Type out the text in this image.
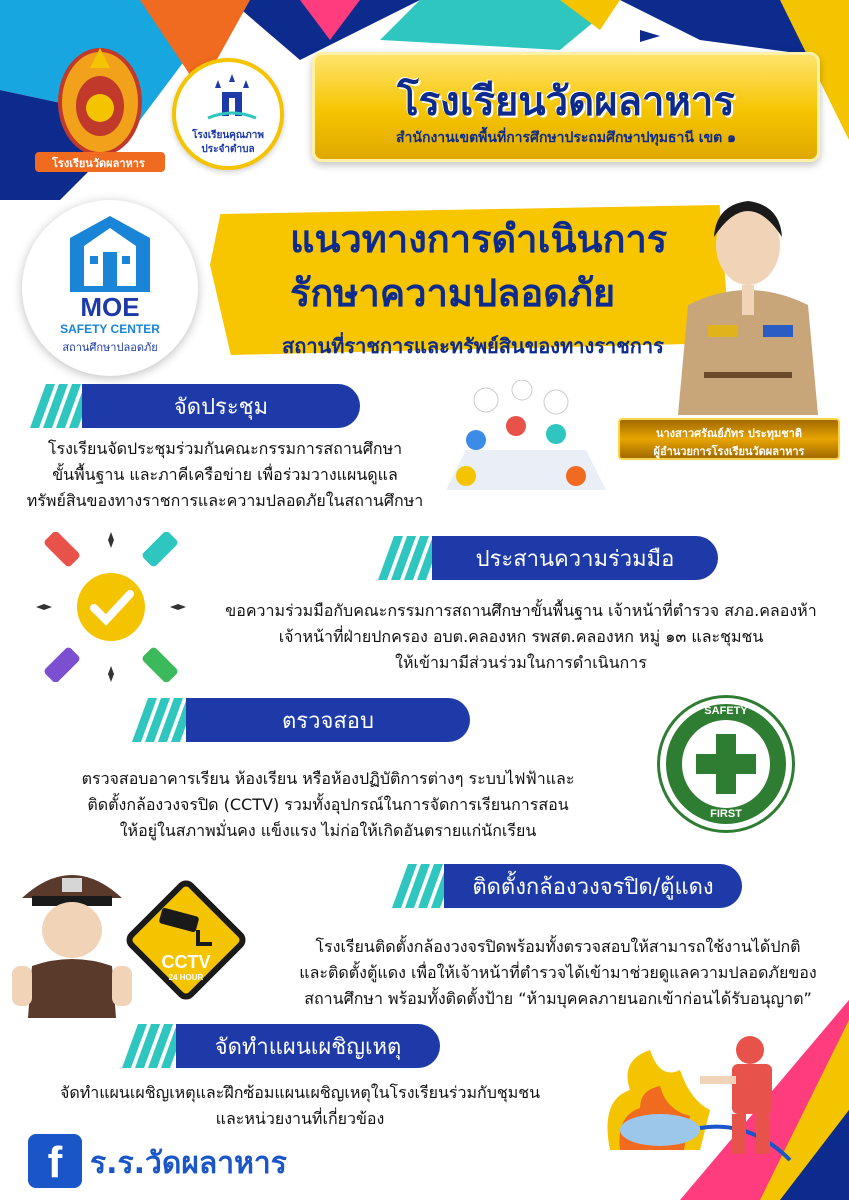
โรงเรียนวัดผลาหาร
โรงเรียนคุณภาพ
ประจำตำบล
โรงเรียนวัดผลาหาร
สำนักงานเขตพื้นที่การศึกษาประถมศึกษาปทุมธานี เขต ๑
MOE
SAFETY CENTER
สถานศึกษาปลอดภัย
แนวทางการดำเนินการ
รักษาความปลอดภัย
สถานที่ราชการและทรัพย์สินของทางราชการ
นางสาวศรัณย์ภัทร ประทุมชาติ
ผู้อำนวยการโรงเรียนวัดผลาหาร
จัดประชุม
โรงเรียนจัดประชุมร่วมกันคณะกรรมการสถานศึกษา
ขั้นพื้นฐาน และภาคีเครือข่าย เพื่อร่วมวางแผนดูแล
ทรัพย์สินของทางราชการและความปลอดภัยในสถานศึกษา
ประสานความร่วมมือ
ขอความร่วมมือกับคณะกรรมการสถานศึกษาขั้นพื้นฐาน เจ้าหน้าที่ตำรวจ สภอ.คลองห้า
เจ้าหน้าที่ฝ่ายปกครอง อบต.คลองหก รพสต.คลองหก หมู่ ๑๓ และชุมชน
ให้เข้ามามีส่วนร่วมในการดำเนินการ
ตรวจสอบ
ตรวจสอบอาคารเรียน ห้องเรียน หรือห้องปฏิบัติการต่างๆ ระบบไฟฟ้าและ
ติดตั้งกล้องวงจรปิด (CCTV) รวมทั้งอุปกรณ์ในการจัดการเรียนการสอน
ให้อยู่ในสภาพมั่นคง แข็งแรง ไม่ก่อให้เกิดอันตรายแก่นักเรียน
SAFETY
FIRST
ติดตั้งกล้องวงจรปิด/ตู้แดง
โรงเรียนติดตั้งกล้องวงจรปิดพร้อมทั้งตรวจสอบให้สามารถใช้งานได้ปกติ
และติดตั้งตู้แดง เพื่อให้เจ้าหน้าที่ตำรวจได้เข้ามาช่วยดูแลความปลอดภัยของ
สถานศึกษา พร้อมทั้งติดตั้งป้าย “ห้ามบุคคลภายนอกเข้าก่อนได้รับอนุญาต”
CCTV
24 HOUR
จัดทำแผนเผชิญเหตุ
จัดทำแผนเผชิญเหตุและฝึกซ้อมแผนเผชิญเหตุในโรงเรียนร่วมกับชุมชน
และหน่วยงานที่เกี่ยวข้อง
f ร.ร.วัดผลาหาร
